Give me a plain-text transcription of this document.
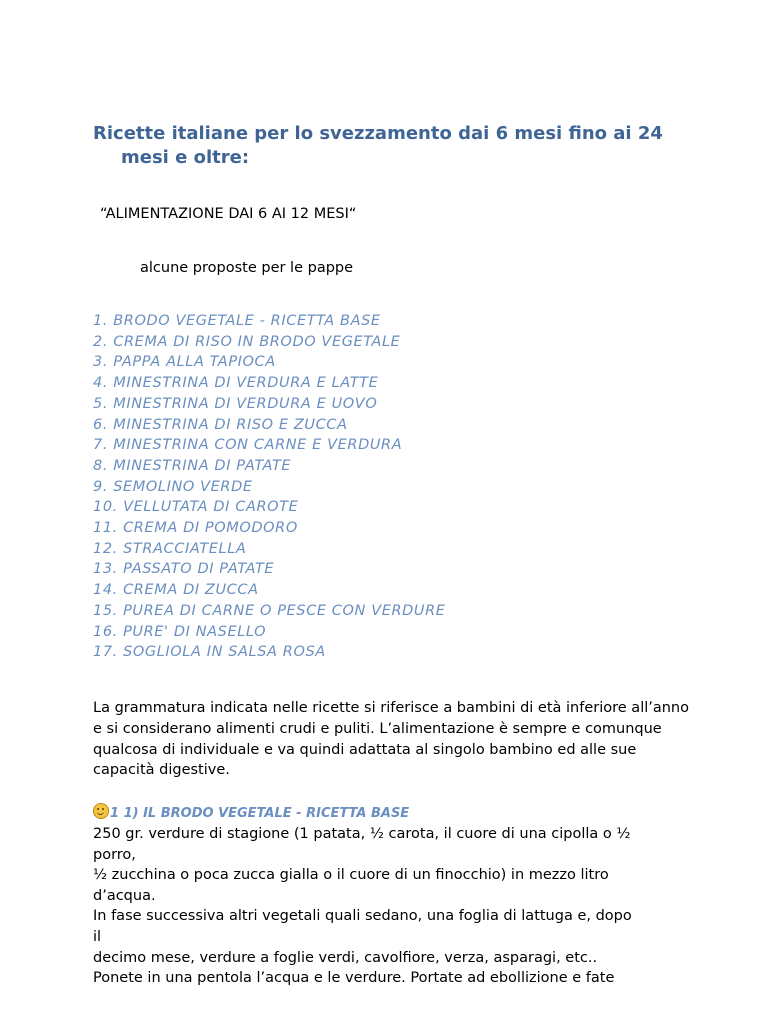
Ricette italiane per lo svezzamento dai 6 mesi fino ai 24
mesi e oltre:
“ALIMENTAZIONE DAI 6 AI 12 MESI“
alcune proposte per le pappe
1. BRODO VEGETALE - RICETTA BASE
2. CREMA DI RISO IN BRODO VEGETALE
3. PAPPA ALLA TAPIOCA
4. MINESTRINA DI VERDURA E LATTE
5. MINESTRINA DI VERDURA E UOVO
6. MINESTRINA DI RISO E ZUCCA
7. MINESTRINA CON CARNE E VERDURA
8. MINESTRINA DI PATATE
9. SEMOLINO VERDE
10. VELLUTATA DI CAROTE
11. CREMA DI POMODORO
12. STRACCIATELLA
13. PASSATO DI PATATE
14. CREMA DI ZUCCA
15. PUREA DI CARNE O PESCE CON VERDURE
16. PURE' DI NASELLO
17. SOGLIOLA IN SALSA ROSA

La grammatura indicata nelle ricette si riferisce a bambini di età inferiore all’anno e si considerano alimenti crudi e puliti. L’alimentazione è sempre e comunque qualcosa di individuale e va quindi adattata al singolo bambino ed alle sue capacità digestive.

1 1) IL BRODO VEGETALE - RICETTA BASE
250 gr. verdure di stagione (1 patata, ½ carota, il cuore di una cipolla o ½
porro,
½ zucchina o poca zucca gialla o il cuore di un finocchio) in mezzo litro
d’acqua.
In fase successiva altri vegetali quali sedano, una foglia di lattuga e, dopo
il
decimo mese, verdure a foglie verdi, cavolfiore, verza, asparagi, etc..
Ponete in una pentola l’acqua e le verdure. Portate ad ebollizione e fate
